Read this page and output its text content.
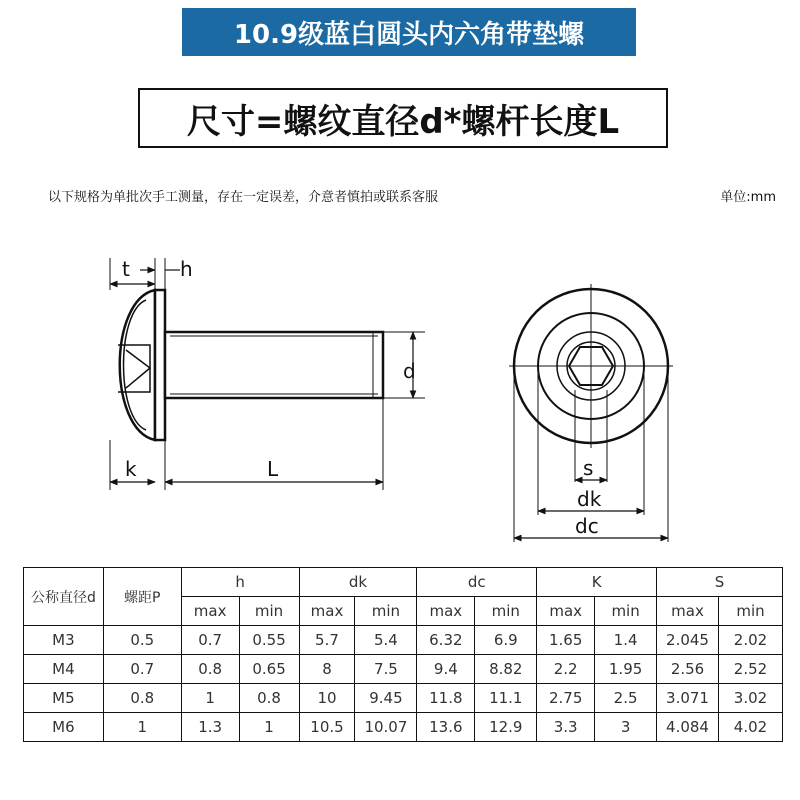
10.9级蓝白圆头内六角带垫螺
尺寸=螺纹直径d*螺杆长度L
以下规格为单批次手工测量，存在一定误差，介意者慎拍或联系客服	单位:mm
t	h
d
k	L	s
dk
dc
公称直径d	螺距P	h		dk		dc		K		S	
		max	min	max	min	max	min	max	min	max	min
M3	0.5	0.7	0.55	5.7	5.4	6.32	6.9	1.65	1.4	2.045	2.02
M4	0.7	0.8	0.65	8	7.5	9.4	8.82	2.2	1.95	2.56	2.52
M5	0.8	1	0.8	10	9.45	11.8	11.1	2.75	2.5	3.071	3.02
M6	1	1.3	1	10.5	10.07	13.6	12.9	3.3	3	4.084	4.02
